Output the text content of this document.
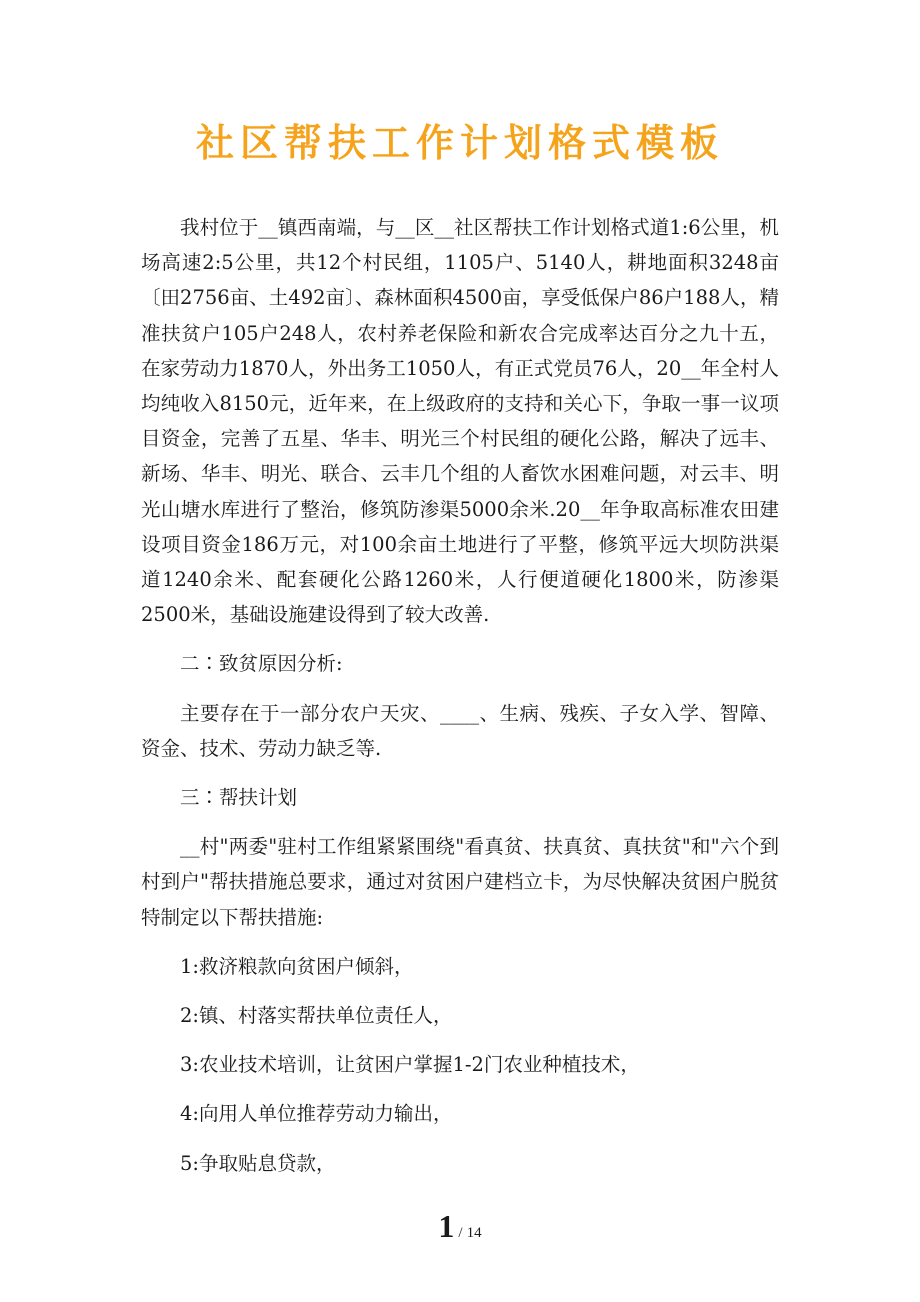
社区帮扶工作计划格式模板

我村位于__镇西南端，与__区__社区帮扶工作计划格式道1:6公里，机场高速2:5公里，共12个村民组，1105户、5140人，耕地面积3248亩〔田2756亩、土492亩〕、森林面积4500亩，享受低保户86户188人，精准扶贫户105户248人，农村养老保险和新农合完成率达百分之九十五，在家劳动力1870人，外出务工1050人，有正式党员76人，20__年全村人均纯收入8150元，近年来，在上级政府的支持和关心下，争取一事一议项目资金，完善了五星、华丰、明光三个村民组的硬化公路，解决了远丰、新场、华丰、明光、联合、云丰几个组的人畜饮水困难问题，对云丰、明光山塘水库进行了整治，修筑防渗渠5000余米.20__年争取高标准农田建设项目资金186万元，对100余亩土地进行了平整，修筑平远大坝防洪渠道1240余米、配套硬化公路1260米，人行便道硬化1800米，防渗渠2500米，基础设施建设得到了较大改善.

二∶致贫原因分析:

主要存在于一部分农户天灾、____、生病、残疾、子女入学、智障、资金、技术、劳动力缺乏等.

三∶帮扶计划

__村"两委"驻村工作组紧紧围绕"看真贫、扶真贫、真扶贫"和"六个到村到户"帮扶措施总要求，通过对贫困户建档立卡，为尽快解决贫困户脱贫特制定以下帮扶措施:

1:救济粮款向贫困户倾斜，

2:镇、村落实帮扶单位责任人，

3:农业技术培训，让贫困户掌握1-2门农业种植技术，

4:向用人单位推荐劳动力输出，

5:争取贴息贷款，

1 / 14
